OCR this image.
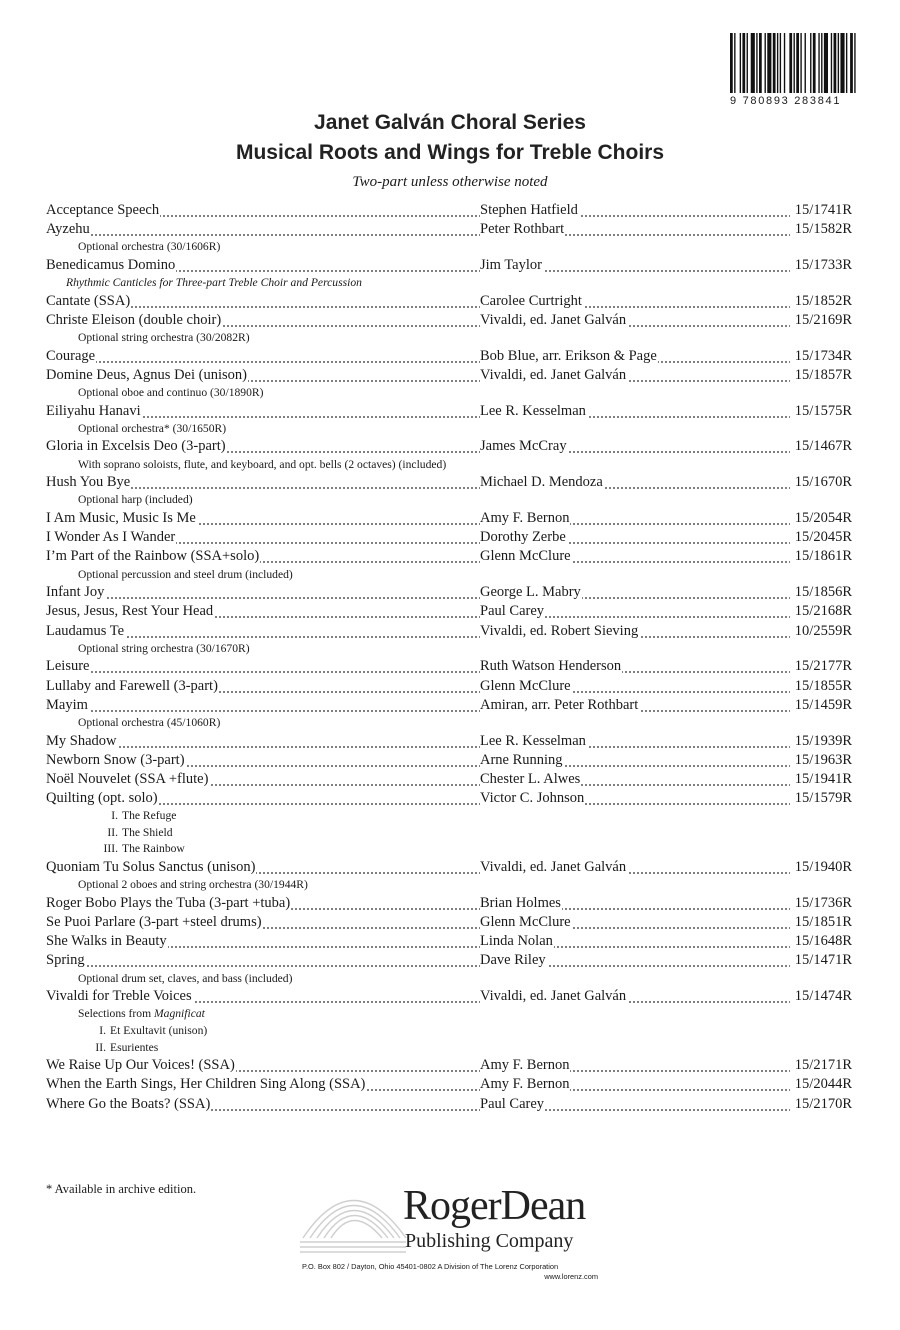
9 780893 283841
Janet Galván Choral Series
Musical Roots and Wings for Treble Choirs
Two-part unless otherwise noted
Acceptance Speech	Stephen Hatfield	15/1741R
Ayzehu	Peter Rothbart	15/1582R
Optional orchestra (30/1606R)
Benedicamus Domino	Jim Taylor	15/1733R
Rhythmic Canticles for Three-part Treble Choir and Percussion
Cantate (SSA)	Carolee Curtright	15/1852R
Christe Eleison (double choir)	Vivaldi, ed. Janet Galván	15/2169R
Optional string orchestra (30/2082R)
Courage	Bob Blue, arr. Erikson & Page	15/1734R
Domine Deus, Agnus Dei (unison)	Vivaldi, ed. Janet Galván	15/1857R
Optional oboe and continuo (30/1890R)
Eiliyahu Hanavi	Lee R. Kesselman	15/1575R
Optional orchestra* (30/1650R)
Gloria in Excelsis Deo (3-part)	James McCray	15/1467R
With soprano soloists, flute, and keyboard, and opt. bells (2 octaves) (included)
Hush You Bye	Michael D. Mendoza	15/1670R
Optional harp (included)
I Am Music, Music Is Me	Amy F. Bernon	15/2054R
I Wonder As I Wander	Dorothy Zerbe	15/2045R
I’m Part of the Rainbow (SSA+solo)	Glenn McClure	15/1861R
Optional percussion and steel drum (included)
Infant Joy	George L. Mabry	15/1856R
Jesus, Jesus, Rest Your Head	Paul Carey	15/2168R
Laudamus Te	Vivaldi, ed. Robert Sieving	10/2559R
Optional string orchestra (30/1670R)
Leisure	Ruth Watson Henderson	15/2177R
Lullaby and Farewell (3-part)	Glenn McClure	15/1855R
Mayim	Amiran, arr. Peter Rothbart	15/1459R
Optional orchestra (45/1060R)
My Shadow	Lee R. Kesselman	15/1939R
Newborn Snow (3-part)	Arne Running	15/1963R
Noël Nouvelet (SSA +flute)	Chester L. Alwes	15/1941R
Quilting (opt. solo)	Victor C. Johnson	15/1579R
I. The Refuge
II. The Shield
III. The Rainbow
Quoniam Tu Solus Sanctus (unison)	Vivaldi, ed. Janet Galván	15/1940R
Optional 2 oboes and string orchestra (30/1944R)
Roger Bobo Plays the Tuba (3-part +tuba)	Brian Holmes	15/1736R
Se Puoi Parlare (3-part +steel drums)	Glenn McClure	15/1851R
She Walks in Beauty	Linda Nolan	15/1648R
Spring	Dave Riley	15/1471R
Optional drum set, claves, and bass (included)
Vivaldi for Treble Voices	Vivaldi, ed. Janet Galván	15/1474R
Selections from Magnificat
I. Et Exultavit (unison)
II. Esurientes
We Raise Up Our Voices! (SSA)	Amy F. Bernon	15/2171R
When the Earth Sings, Her Children Sing Along (SSA)	Amy F. Bernon	15/2044R
Where Go the Boats? (SSA)	Paul Carey	15/2170R
* Available in archive edition.	RogerDean
Publishing Company
P.O. Box 802 / Dayton, Ohio 45401-0802 A Division of The Lorenz Corporation
www.lorenz.com
